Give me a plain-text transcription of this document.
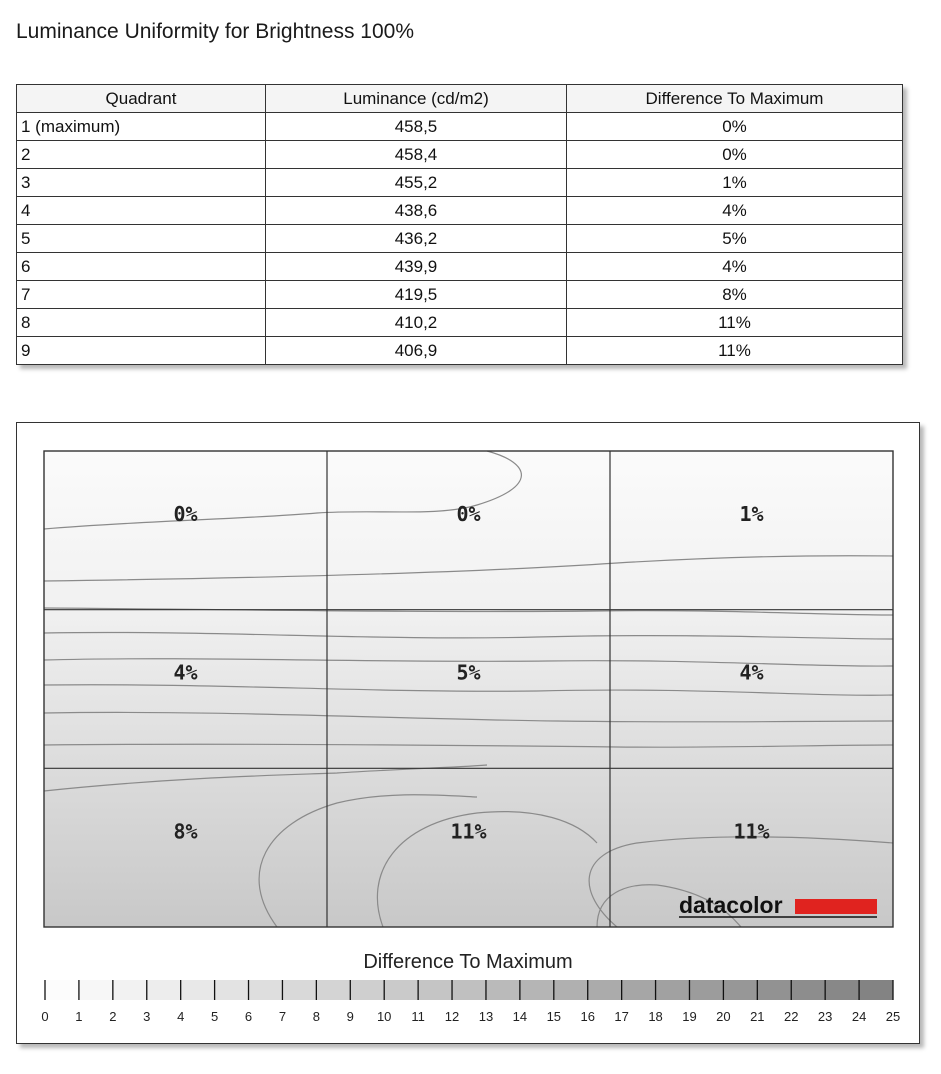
Luminance Uniformity for Brightness 100%
Quadrant	Luminance (cd/m2)	Difference To Maximum
1 (maximum)	458,5	0%
2	458,4	0%
3	455,2	1%
4	438,6	4%
5	436,2	5%
6	439,9	4%
7	419,5	8%
8	410,2	11%
9	406,9	11%
0%	0%	1%
4%	5%	4%
8%	11%	11%
datacolor
Difference To Maximum
0 1 2 3 4 5 6 7 8 9 10 11 12 13 14 15 16 17 18 19 20 21 22 23 24 25
